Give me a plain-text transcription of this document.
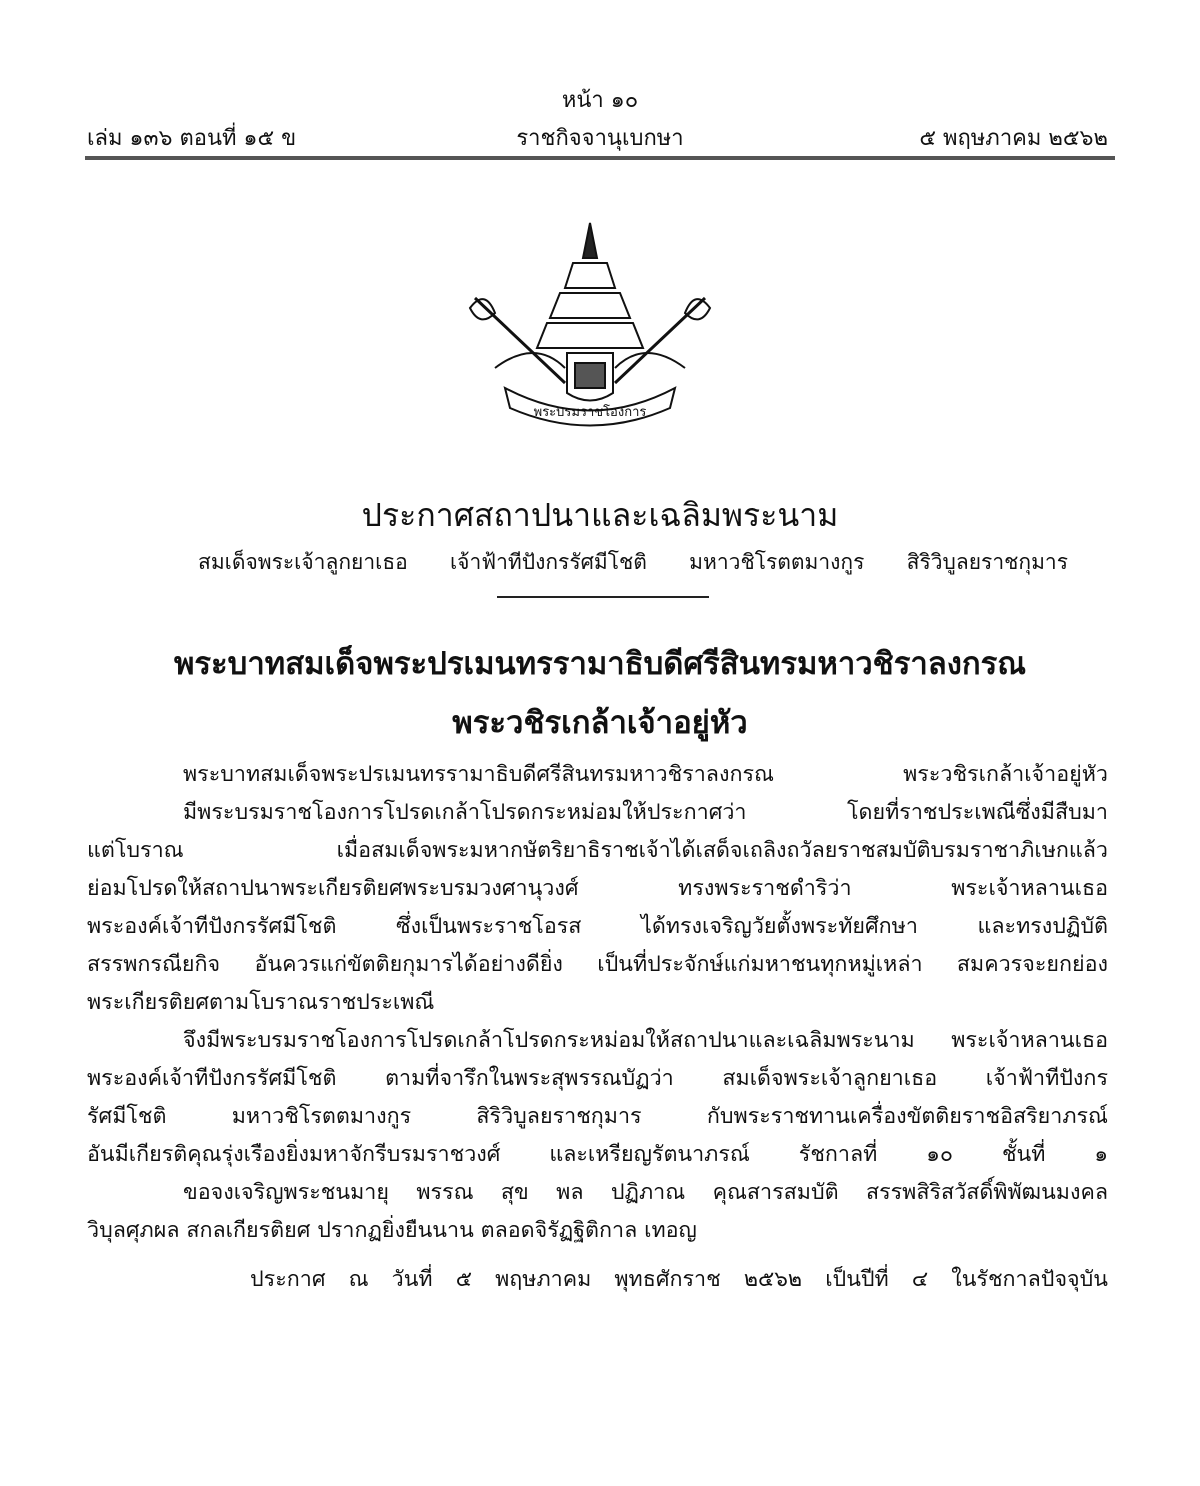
หน้า ๑๐
เล่ม ๑๓๖ ตอนที่ ๑๕ ข	ราชกิจจานุเบกษา	๕ พฤษภาคม ๒๕๖๒
พระบรมราชโองการ
ประกาศสถาปนาและเฉลิมพระนาม
สมเด็จพระเจ้าลูกยาเธอ เจ้าฟ้าทีปังกรรัศมีโชติ มหาวชิโรตตมางกูร สิริวิบูลยราชกุมาร
พระบาทสมเด็จพระปรเมนทรรามาธิบดีศรีสินทรมหาวชิราลงกรณ
พระวชิรเกล้าเจ้าอยู่หัว
พระบาทสมเด็จพระปรเมนทรรามาธิบดีศรีสินทรมหาวชิราลงกรณ พระวชิรเกล้าเจ้าอยู่หัว
มีพระบรมราชโองการโปรดเกล้าโปรดกระหม่อมให้ประกาศว่า โดยที่ราชประเพณีซึ่งมีสืบมา
แต่โบราณ เมื่อสมเด็จพระมหากษัตริยาธิราชเจ้าได้เสด็จเถลิงถวัลยราชสมบัติบรมราชาภิเษกแล้ว
ย่อมโปรดให้สถาปนาพระเกียรติยศพระบรมวงศานุวงศ์ ทรงพระราชดำริว่า พระเจ้าหลานเธอ
พระองค์เจ้าทีปังกรรัศมีโชติ ซึ่งเป็นพระราชโอรส ได้ทรงเจริญวัยตั้งพระทัยศึกษา และทรงปฏิบัติ
สรรพกรณียกิจ อันควรแก่ขัตติยกุมารได้อย่างดียิ่ง เป็นที่ประจักษ์แก่มหาชนทุกหมู่เหล่า สมควรจะยกย่อง
พระเกียรติยศตามโบราณราชประเพณี
จึงมีพระบรมราชโองการโปรดเกล้าโปรดกระหม่อมให้สถาปนาและเฉลิมพระนาม พระเจ้าหลานเธอ
พระองค์เจ้าทีปังกรรัศมีโชติ ตามที่จารึกในพระสุพรรณบัฏว่า สมเด็จพระเจ้าลูกยาเธอ เจ้าฟ้าทีปังกร
รัศมีโชติ มหาวชิโรตตมางกูร สิริวิบูลยราชกุมาร กับพระราชทานเครื่องขัตติยราชอิสริยาภรณ์
อันมีเกียรติคุณรุ่งเรืองยิ่งมหาจักรีบรมราชวงศ์ และเหรียญรัตนาภรณ์ รัชกาลที่ ๑๐ ชั้นที่ ๑
ขอจงเจริญพระชนมายุ พรรณ สุข พล ปฏิภาณ คุณสารสมบัติ สรรพสิริสวัสดิ์พิพัฒนมงคล
วิบุลศุภผล สกลเกียรติยศ ปรากฏยิ่งยืนนาน ตลอดจิรัฏฐิติกาล เทอญ
ประกาศ ณ วันที่ ๕ พฤษภาคม พุทธศักราช ๒๕๖๒ เป็นปีที่ ๔ ในรัชกาลปัจจุบัน
